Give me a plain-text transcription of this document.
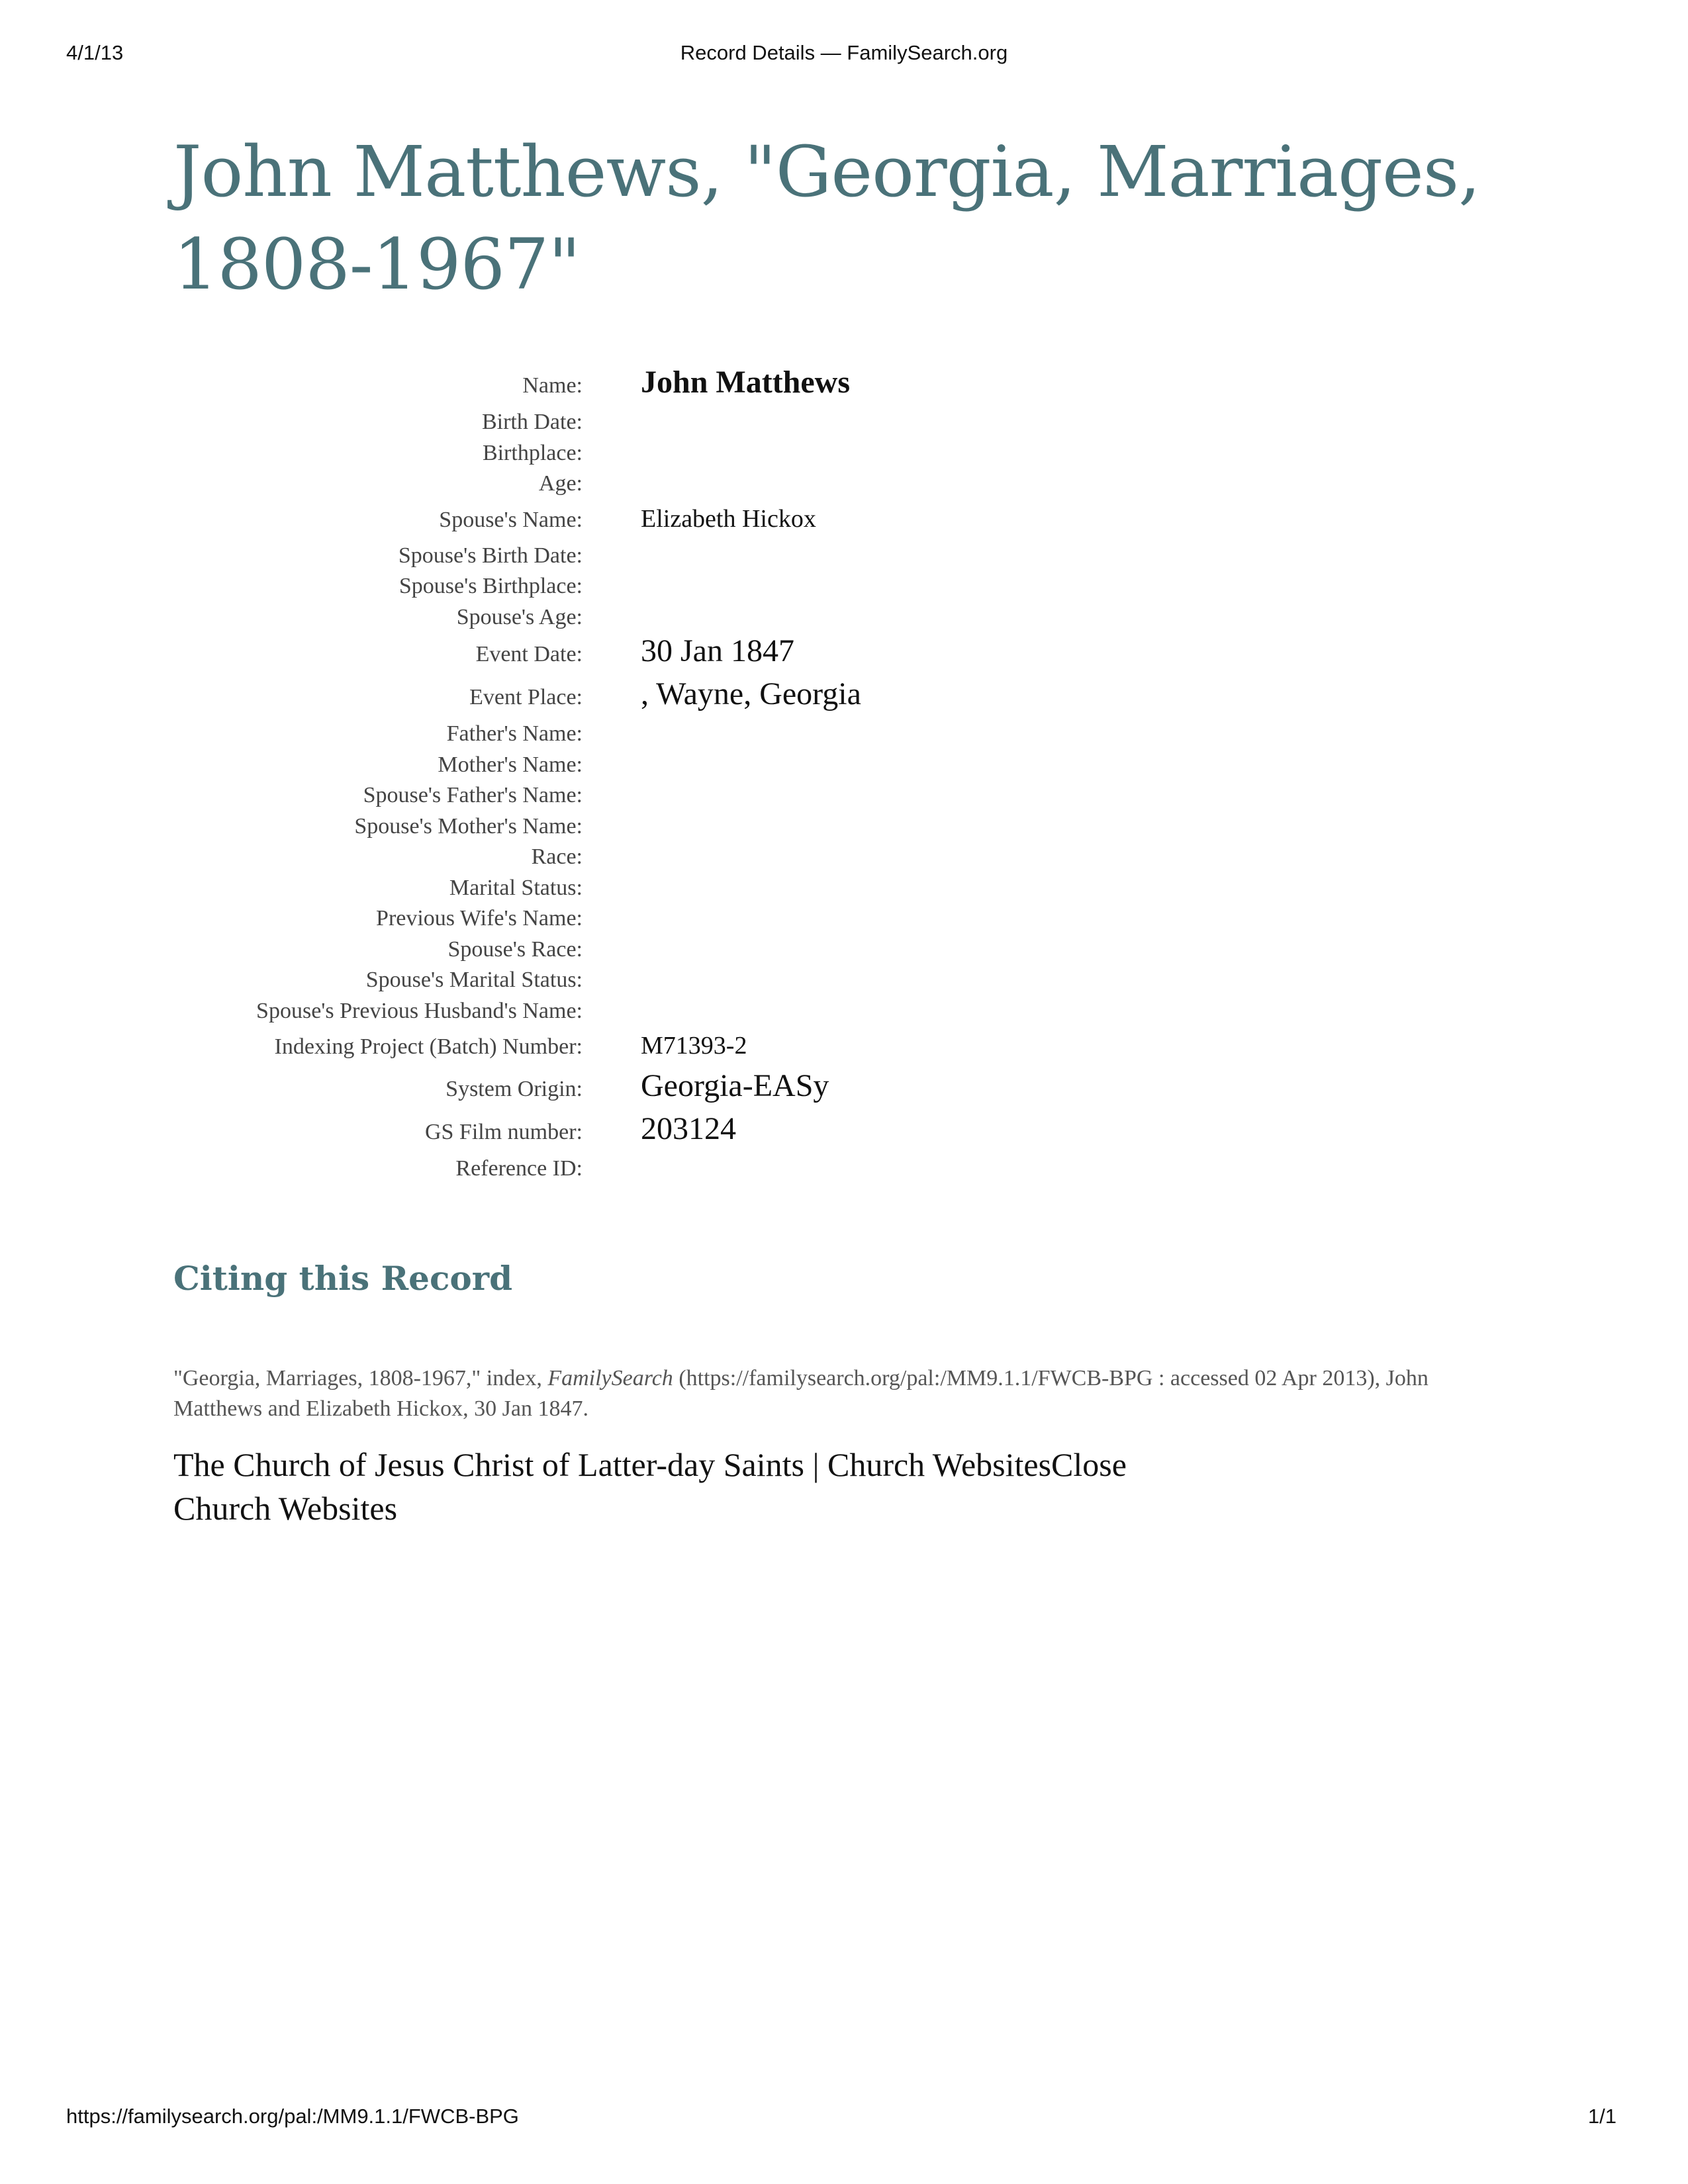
4/1/13	Record Details — FamilySearch.org
John Matthews, "Georgia, Marriages, 1808-1967"
Name: John Matthews
Birth Date:
Birthplace:
Age:
Spouse's Name: Elizabeth Hickox
Spouse's Birth Date:
Spouse's Birthplace:
Spouse's Age:
Event Date: 30 Jan 1847
Event Place: , Wayne, Georgia
Father's Name:
Mother's Name:
Spouse's Father's Name:
Spouse's Mother's Name:
Race:
Marital Status:
Previous Wife's Name:
Spouse's Race:
Spouse's Marital Status:
Spouse's Previous Husband's Name:
Indexing Project (Batch) Number: M71393-2
System Origin: Georgia-EASy
GS Film number: 203124
Reference ID:
Citing this Record
"Georgia, Marriages, 1808-1967," index, FamilySearch (https://familysearch.org/pal:/MM9.1.1/FWCB-BPG : accessed 02 Apr 2013), John Matthews and Elizabeth Hickox, 30 Jan 1847.
The Church of Jesus Christ of Latter-day Saints | Church WebsitesClose
Church Websites
https://familysearch.org/pal:/MM9.1.1/FWCB-BPG	1/1
